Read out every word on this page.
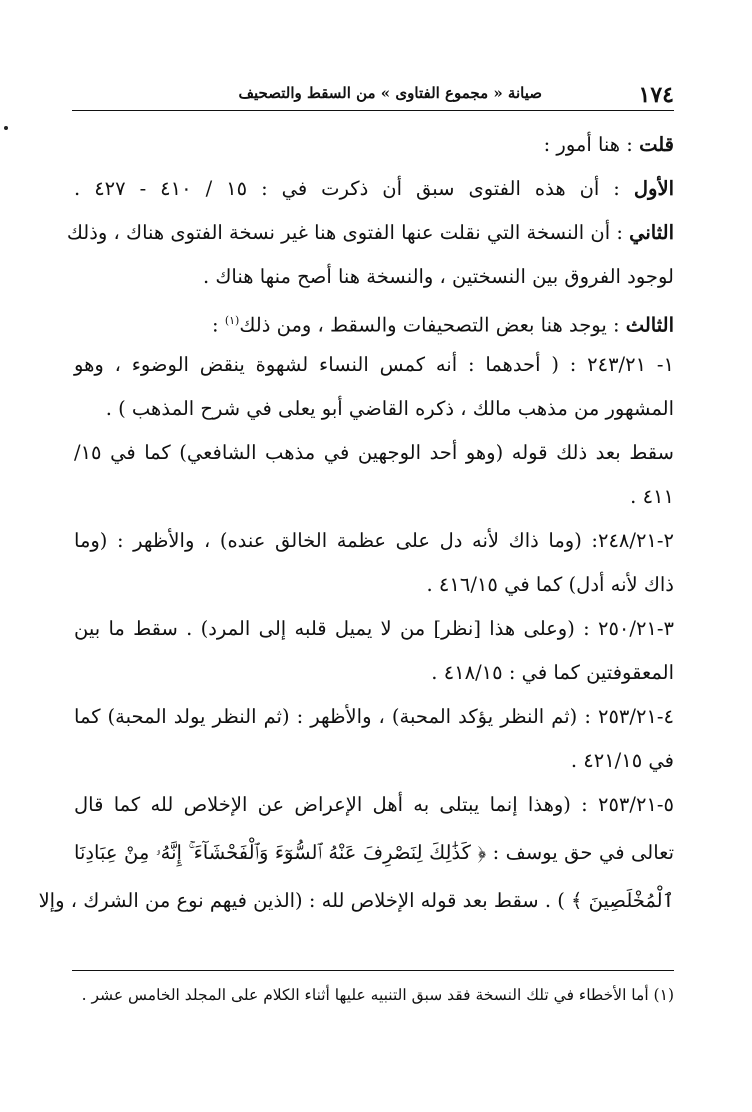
١٧٤
صيانة « مجموع الفتاوى » من السقط والتصحيف
قلت : هنا أمور :
الأول : أن هذه الفتوى سبق أن ذكرت في : ١٥ / ٤١٠ - ٤٢٧ .
الثاني : أن النسخة التي نقلت عنها الفتوى هنا غير نسخة الفتوى هناك ، وذلك
لوجود الفروق بين النسختين ، والنسخة هنا أصح منها هناك .
الثالث : يوجد هنا بعض التصحيفات والسقط ، ومن ذلك$^{(١)}$ :
١- ٢٤٣/٢١ : ( أحدهما : أنه كمس النساء لشهوة ينقض الوضوء ، وهو
المشهور من مذهب مالك ، ذكره القاضي أبو يعلى في شرح المذهب ) .
سقط بعد ذلك قوله (وهو أحد الوجهين في مذهب الشافعي) كما في ١٥/
٤١١ .
٢-٢٤٨/٢١: (وما ذاك لأنه دل على عظمة الخالق عنده) ، والأظهر : (وما
ذاك لأنه أدل) كما في ٤١٦/١٥ .
٣-٢٥٠/٢١ : (وعلى هذا [نظر] من لا يميل قلبه إلى المرد) . سقط ما بين
المعقوفتين كما في : ٤١٨/١٥ .
٤-٢٥٣/٢١ : (ثم النظر يؤكد المحبة) ، والأظهر : (ثم النظر يولد المحبة) كما
في ٤٢١/١٥ .
٥-٢٥٣/٢١ : (وهذا إنما يبتلى به أهل الإعراض عن الإخلاص لله كما قال
تعالى في حق يوسف : ﴿ كَذَٰلِكَ لِنَصْرِفَ عَنْهُ ٱلسُّوٓءَ وَٱلْفَحْشَآءَ ۚ إِنَّهُۥ مِنْ عِبَادِنَا
ٱلْمُخْلَصِينَ ﴾ ) . سقط بعد قوله الإخلاص لله : (الذين فيهم نوع من الشرك ، وإلا
(١) أما الأخطاء في تلك النسخة فقد سبق التنبيه عليها أثناء الكلام على المجلد الخامس عشر .
